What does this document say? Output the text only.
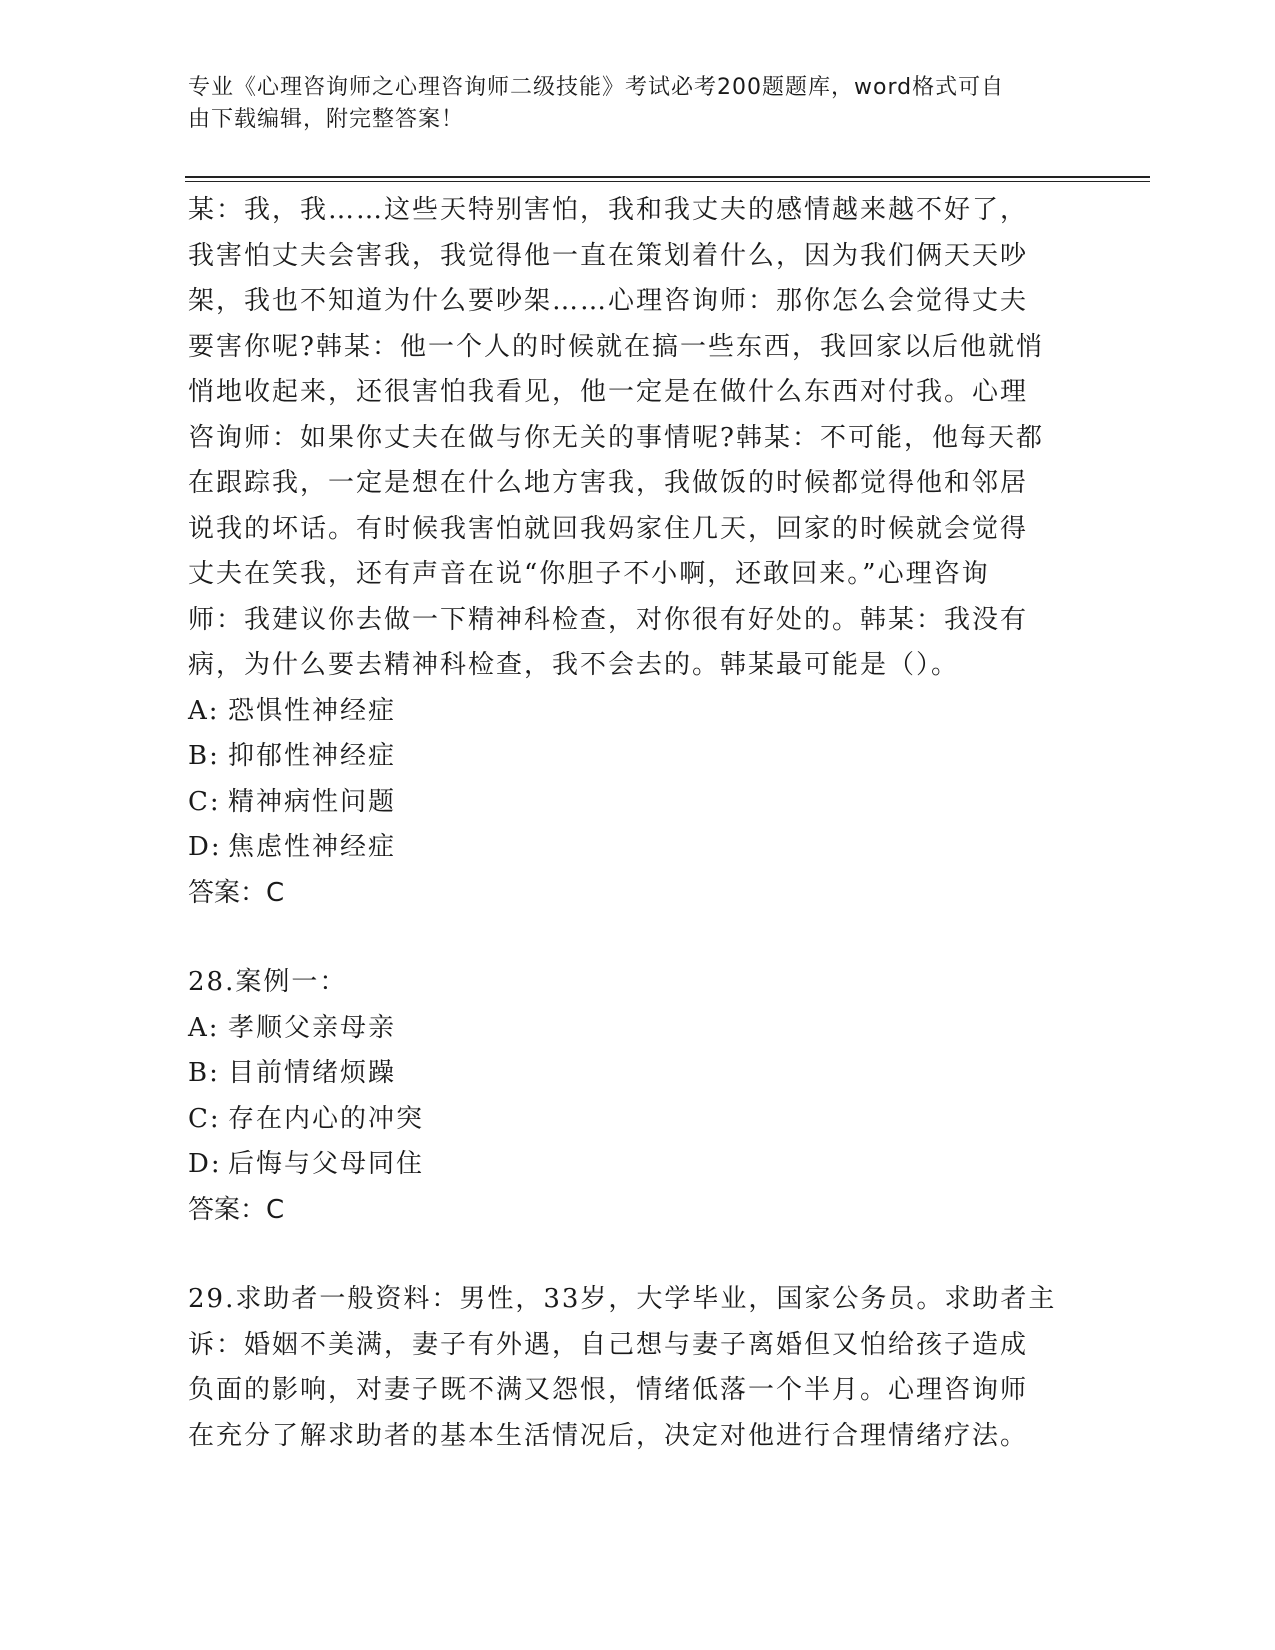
专业《心理咨询师之心理咨询师二级技能》考试必考200题题库，word格式可自
由下载编辑，附完整答案！
某：我，我……这些天特别害怕，我和我丈夫的感情越来越不好了，
我害怕丈夫会害我，我觉得他一直在策划着什么，因为我们俩天天吵
架，我也不知道为什么要吵架……心理咨询师：那你怎么会觉得丈夫
要害你呢?韩某：他一个人的时候就在搞一些东西，我回家以后他就悄
悄地收起来，还很害怕我看见，他一定是在做什么东西对付我。心理
咨询师：如果你丈夫在做与你无关的事情呢?韩某：不可能，他每天都
在跟踪我，一定是想在什么地方害我，我做饭的时候都觉得他和邻居
说我的坏话。有时候我害怕就回我妈家住几天，回家的时候就会觉得
丈夫在笑我，还有声音在说“你胆子不小啊，还敢回来。”心理咨询
师：我建议你去做一下精神科检查，对你很有好处的。韩某：我没有
病，为什么要去精神科检查，我不会去的。韩某最可能是（）。
A: 恐惧性神经症
B: 抑郁性神经症
C: 精神病性问题
D: 焦虑性神经症
答案：C
28.案例一：
A: 孝顺父亲母亲
B: 目前情绪烦躁
C: 存在内心的冲突
D: 后悔与父母同住
答案：C
29.求助者一般资料：男性，33岁，大学毕业，国家公务员。求助者主
诉：婚姻不美满，妻子有外遇，自己想与妻子离婚但又怕给孩子造成
负面的影响，对妻子既不满又怨恨，情绪低落一个半月。心理咨询师
在充分了解求助者的基本生活情况后，决定对他进行合理情绪疗法。
